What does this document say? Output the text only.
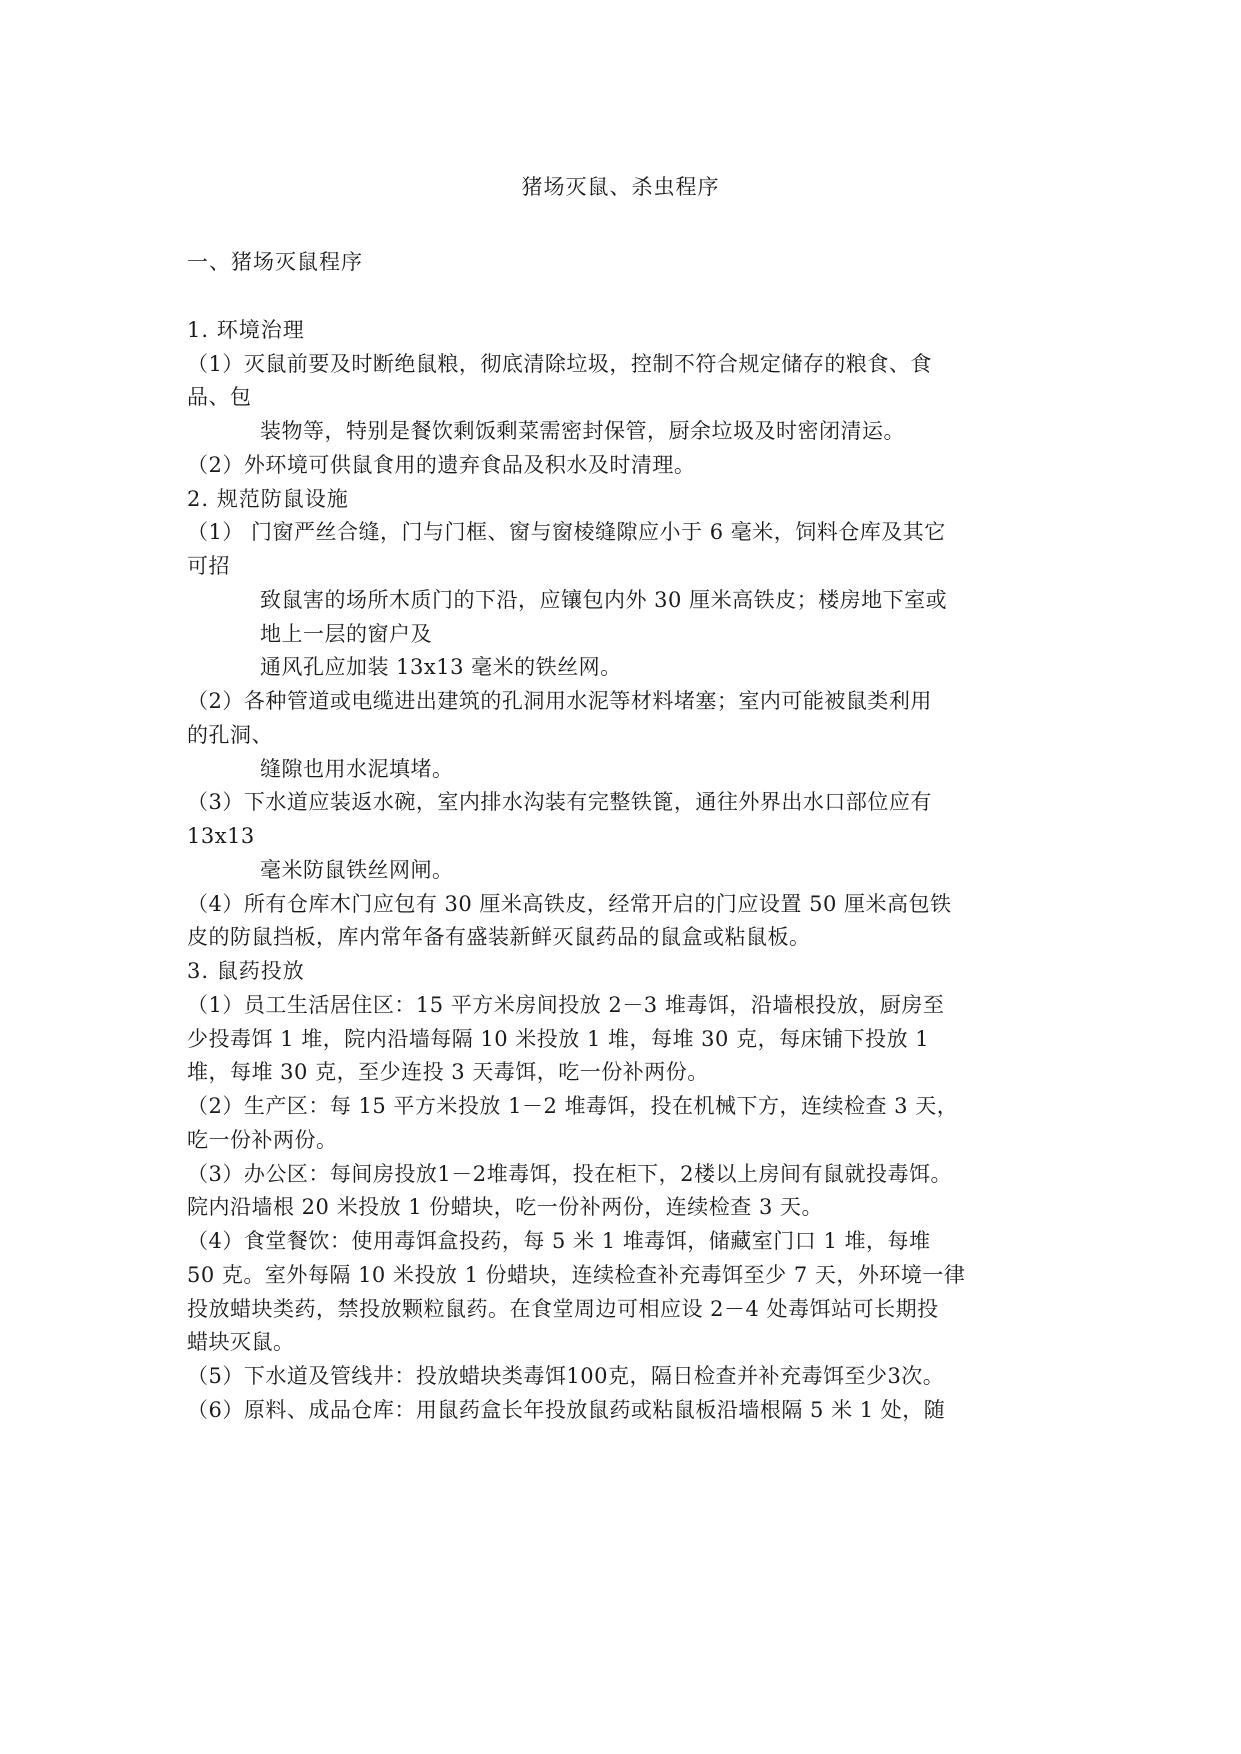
猪场灭鼠、杀虫程序
一、猪场灭鼠程序
1. 环境治理
（1）灭鼠前要及时断绝鼠粮，彻底清除垃圾，控制不符合规定储存的粮食、食
品、包
装物等，特别是餐饮剩饭剩菜需密封保管，厨余垃圾及时密闭清运。
（2）外环境可供鼠食用的遗弃食品及积水及时清理。
2. 规范防鼠设施
（1） 门窗严丝合缝，门与门框、窗与窗棱缝隙应小于 6 毫米，饲料仓库及其它
可招
致鼠害的场所木质门的下沿，应镶包内外 30 厘米高铁皮；楼房地下室或
地上一层的窗户及
通风孔应加装 13x13 毫米的铁丝网。
（2）各种管道或电缆进出建筑的孔洞用水泥等材料堵塞；室内可能被鼠类利用
的孔洞、
缝隙也用水泥填堵。
（3）下水道应装返水碗，室内排水沟装有完整铁篦，通往外界出水口部位应有
13x13
毫米防鼠铁丝网闸。
（4）所有仓库木门应包有 30 厘米高铁皮，经常开启的门应设置 50 厘米高包铁
皮的防鼠挡板，库内常年备有盛装新鲜灭鼠药品的鼠盒或粘鼠板。
3. 鼠药投放
（1）员工生活居住区：15 平方米房间投放 2－3 堆毒饵，沿墙根投放，厨房至
少投毒饵 1 堆，院内沿墙每隔 10 米投放 1 堆，每堆 30 克，每床铺下投放 1
堆，每堆 30 克，至少连投 3 天毒饵，吃一份补两份。
（2）生产区：每 15 平方米投放 1－2 堆毒饵，投在机械下方，连续检查 3 天，
吃一份补两份。
（3）办公区：每间房投放1－2堆毒饵，投在柜下，2楼以上房间有鼠就投毒饵。
院内沿墙根 20 米投放 1 份蜡块，吃一份补两份，连续检查 3 天。
（4）食堂餐饮：使用毒饵盒投药，每 5 米 1 堆毒饵，储藏室门口 1 堆，每堆
50 克。室外每隔 10 米投放 1 份蜡块，连续检查补充毒饵至少 7 天，外环境一律
投放蜡块类药，禁投放颗粒鼠药。在食堂周边可相应设 2－4 处毒饵站可长期投
蜡块灭鼠。
（5）下水道及管线井：投放蜡块类毒饵100克，隔日检查并补充毒饵至少3次。
（6）原料、成品仓库：用鼠药盒长年投放鼠药或粘鼠板沿墙根隔 5 米 1 处，随
